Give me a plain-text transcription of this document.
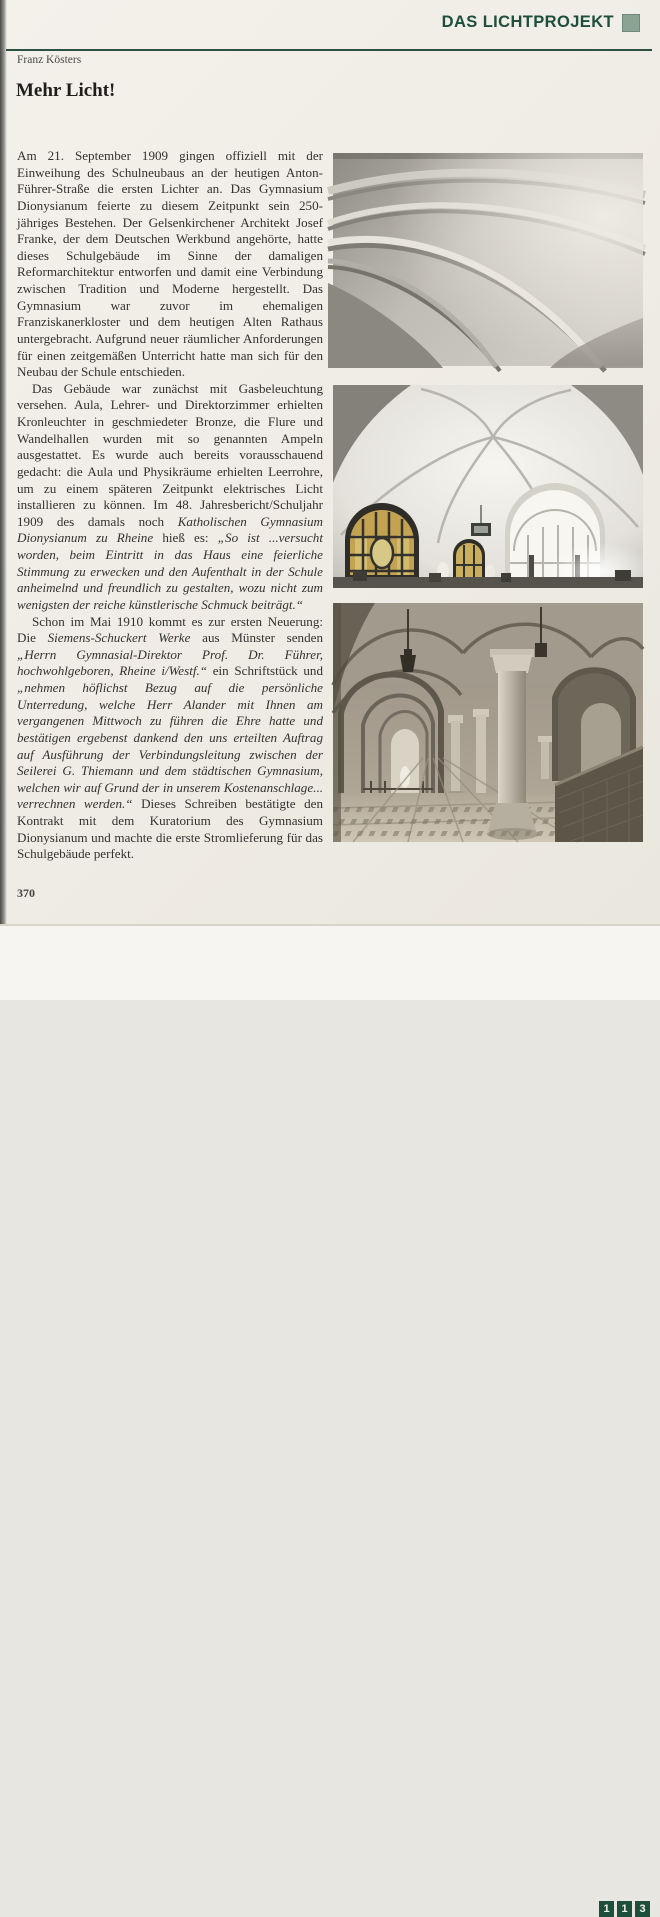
DAS LICHTPROJEKT
Franz Kösters
Mehr Licht!

Am 21. September 1909 gingen offiziell mit der Einweihung des Schulneubaus an der heutigen Anton-Führer-Straße die ersten Lichter an. Das Gymnasium Dionysianum feierte zu diesem Zeitpunkt sein 250-jähriges Bestehen. Der Gelsenkirchener Architekt Josef Franke, der dem Deutschen Werkbund angehörte, hatte dieses Schulgebäude im Sinne der damaligen Reformarchitektur entworfen und damit eine Verbindung zwischen Tradition und Moderne hergestellt. Das Gymnasium war zuvor im ehemaligen Franziskanerkloster und dem heutigen Alten Rathaus untergebracht. Aufgrund neuer räumlicher Anforderungen für einen zeitgemäßen Unterricht hatte man sich für den Neubau der Schule entschieden.

Das Gebäude war zunächst mit Gasbeleuchtung versehen. Aula, Lehrer- und Direktorzimmer erhielten Kronleuchter in geschmiedeter Bronze, die Flure und Wandelhallen wurden mit so genannten Ampeln ausgestattet. Es wurde auch bereits vorausschauend gedacht: die Aula und Physikräume erhielten Leerrohre, um zu einem späteren Zeitpunkt elektrisches Licht installieren zu können. Im 48. Jahresbericht/Schuljahr 1909 des damals noch Katholischen Gymnasium Dionysianum zu Rheine hieß es: „So ist ...versucht worden, beim Eintritt in das Haus eine feierliche Stimmung zu erwecken und den Aufenthalt in der Schule anheimelnd und freundlich zu gestalten, wozu nicht zum wenigsten der reiche künstlerische Schmuck beiträgt.“

Schon im Mai 1910 kommt es zur ersten Neuerung: Die Siemens-Schuckert Werke aus Münster senden „Herrn Gymnasial-Direktor Prof. Dr. Führer, hochwohlgeboren, Rheine i/Westf.“ ein Schriftstück und „nehmen höflichst Bezug auf die persönliche Unterredung, welche Herr Alander mit Ihnen am vergangenen Mittwoch zu führen die Ehre hatte und bestätigen ergebenst dankend den uns erteilten Auftrag auf Ausführung der Verbindungsleitung zwischen der Seilerei G. Thiemann und dem städtischen Gymnasium, welchen wir auf Grund der in unserem Kostenanschlage... verrechnen werden.“ Dieses Schreiben bestätigte den Kontrakt mit dem Kuratorium des Gymnasium Dionysianum und machte die erste Stromlieferung für das Schulgebäude perfekt.

370
1	1	3
